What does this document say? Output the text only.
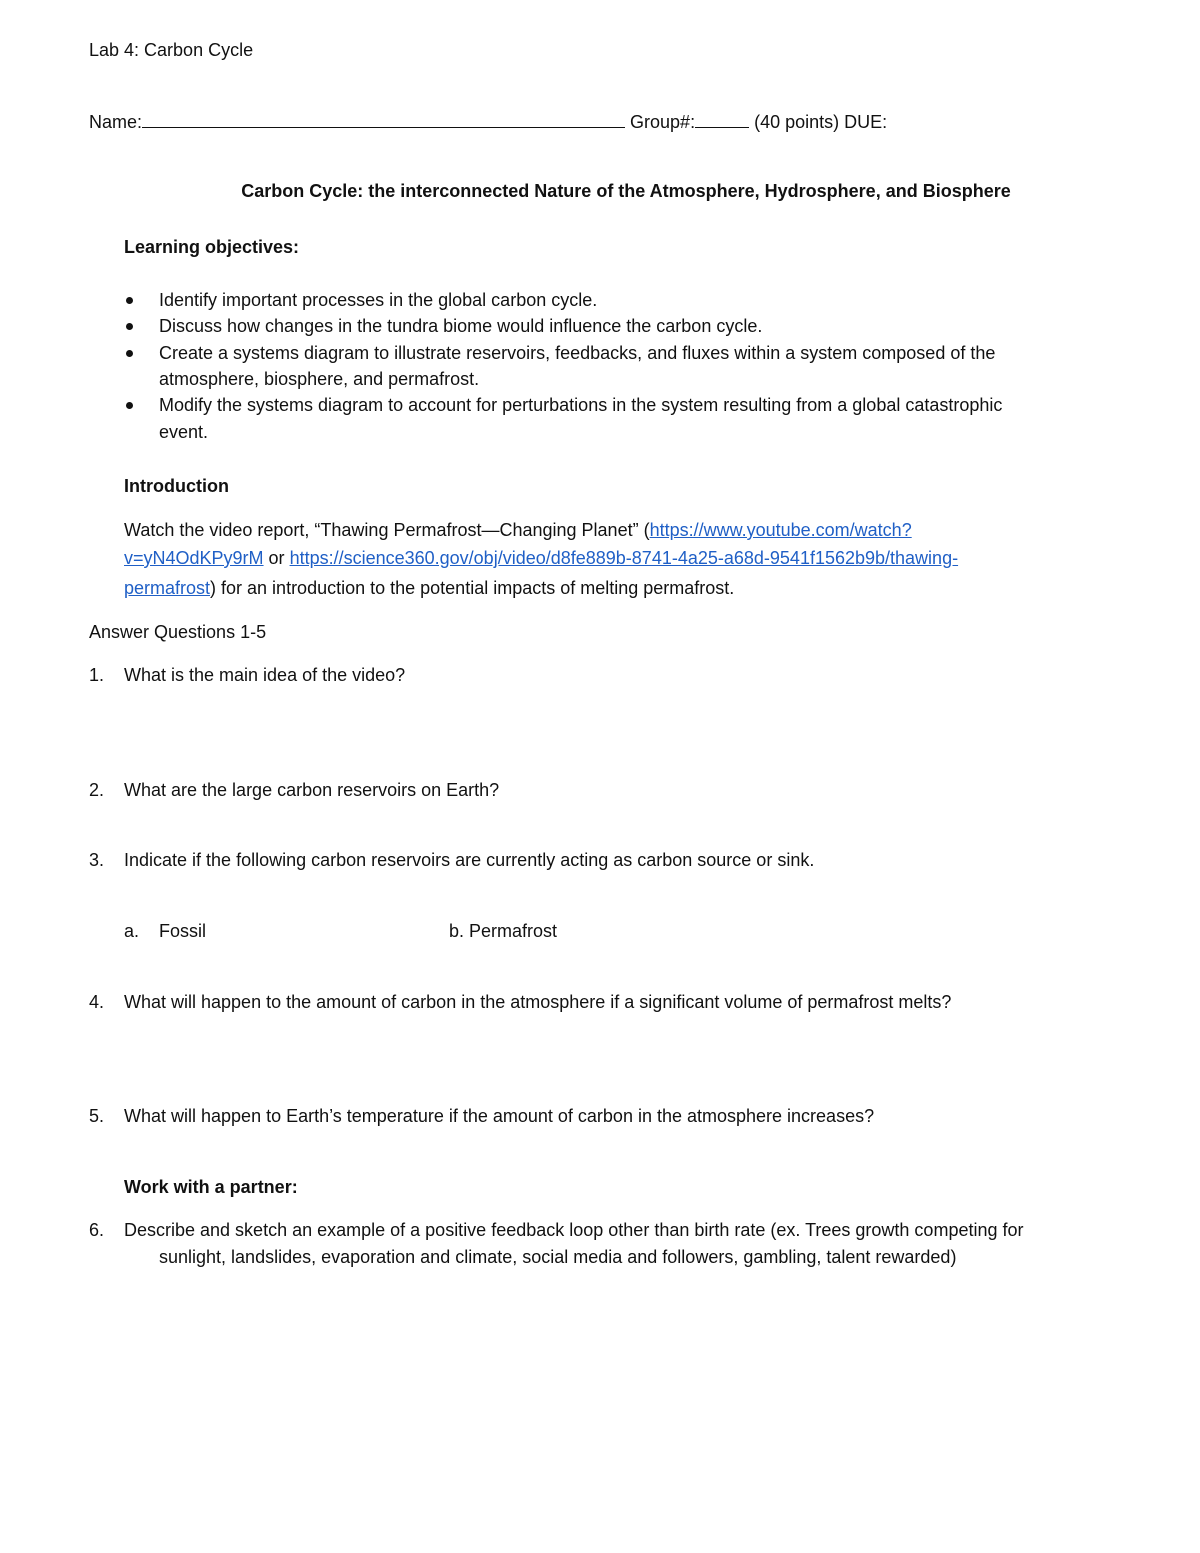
Lab 4: Carbon Cycle
Name:	Group#:	(40 points) DUE:
Carbon Cycle: the interconnected Nature of the Atmosphere, Hydrosphere, and Biosphere
Learning objectives:
Identify important processes in the global carbon cycle.
Discuss how changes in the tundra biome would influence the carbon cycle.
Create a systems diagram to illustrate reservoirs, feedbacks, and fluxes within a system composed of the
atmosphere, biosphere, and permafrost.
Modify the systems diagram to account for perturbations in the system resulting from a global catastrophic
event.
Introduction
Watch the video report, “Thawing Permafrost—Changing Planet” (https://www.youtube.com/watch?
v=yN4OdKPy9rM or https://science360.gov/obj/video/d8fe889b-8741-4a25-a68d-9541f1562b9b/thawing-
permafrost) for an introduction to the potential impacts of melting permafrost.
Answer Questions 1-5
1. What is the main idea of the video?
2. What are the large carbon reservoirs on Earth?
3. Indicate if the following carbon reservoirs are currently acting as carbon source or sink.
a. Fossil	b. Permafrost
4. What will happen to the amount of carbon in the atmosphere if a significant volume of permafrost melts?
5. What will happen to Earth’s temperature if the amount of carbon in the atmosphere increases?
Work with a partner:
6. Describe and sketch an example of a positive feedback loop other than birth rate (ex. Trees growth competing for
sunlight, landslides, evaporation and climate, social media and followers, gambling, talent rewarded)
